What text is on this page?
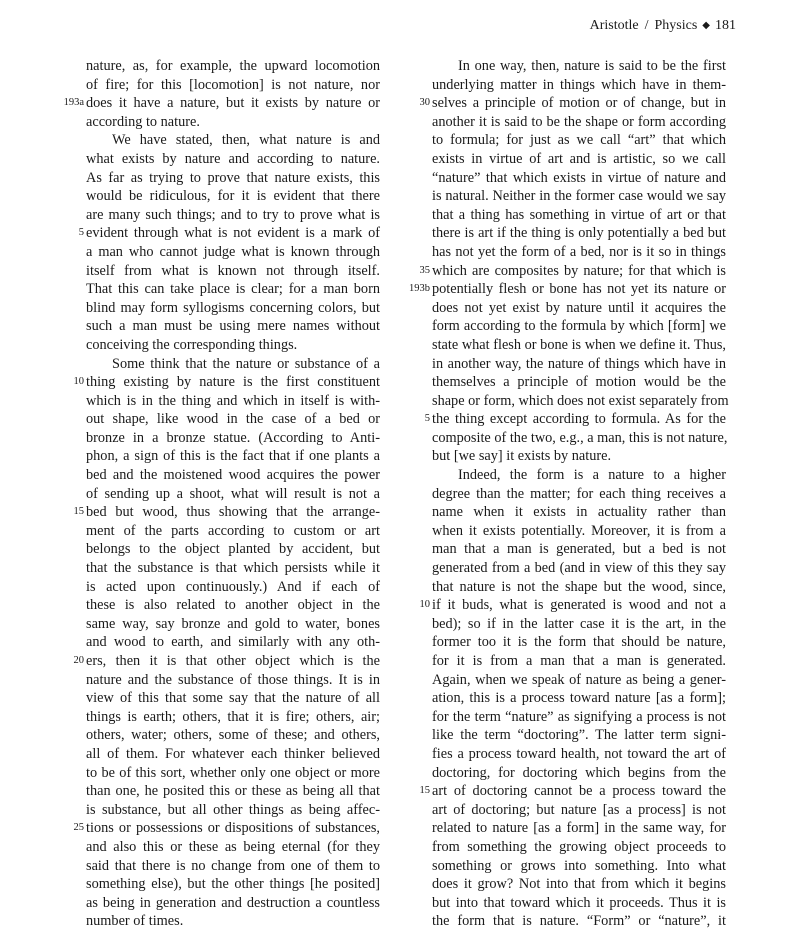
Aristotle / Physics ◆ 181
nature, as, for example, the upward locomotion
of fire; for this [locomotion] is not nature, nor
193a does it have a nature, but it exists by nature or
according to nature.
We have stated, then, what nature is and
what exists by nature and according to nature.
As far as trying to prove that nature exists, this
would be ridiculous, for it is evident that there
are many such things; and to try to prove what is
5 evident through what is not evident is a mark of
a man who cannot judge what is known through
itself from what is known not through itself.
That this can take place is clear; for a man born
blind may form syllogisms concerning colors, but
such a man must be using mere names without
conceiving the corresponding things.
Some think that the nature or substance of a
10 thing existing by nature is the first constituent
which is in the thing and which in itself is with-
out shape, like wood in the case of a bed or
bronze in a bronze statue. (According to Anti-
phon, a sign of this is the fact that if one plants a
bed and the moistened wood acquires the power
of sending up a shoot, what will result is not a
15 bed but wood, thus showing that the arrange-
ment of the parts according to custom or art
belongs to the object planted by accident, but
that the substance is that which persists while it
is acted upon continuously.) And if each of
these is also related to another object in the
same way, say bronze and gold to water, bones
and wood to earth, and similarly with any oth-
20 ers, then it is that other object which is the
nature and the substance of those things. It is in
view of this that some say that the nature of all
things is earth; others, that it is fire; others, air;
others, water; others, some of these; and others,
all of them. For whatever each thinker believed
to be of this sort, whether only one object or more
than one, he posited this or these as being all that
is substance, but all other things as being affec-
25 tions or possessions or dispositions of substances,
and also this or these as being eternal (for they
said that there is no change from one of them to
something else), but the other things [he posited]
as being in generation and destruction a countless
number of times.
In one way, then, nature is said to be the first
underlying matter in things which have in them-
30 selves a principle of motion or of change, but in
another it is said to be the shape or form according
to formula; for just as we call “art” that which
exists in virtue of art and is artistic, so we call
“nature” that which exists in virtue of nature and
is natural. Neither in the former case would we say
that a thing has something in virtue of art or that
there is art if the thing is only potentially a bed but
has not yet the form of a bed, nor is it so in things
35 which are composites by nature; for that which is
193b potentially flesh or bone has not yet its nature or
does not yet exist by nature until it acquires the
form according to the formula by which [form] we
state what flesh or bone is when we define it. Thus,
in another way, the nature of things which have in
themselves a principle of motion would be the
shape or form, which does not exist separately from
5 the thing except according to formula. As for the
composite of the two, e.g., a man, this is not nature,
but [we say] it exists by nature.
Indeed, the form is a nature to a higher
degree than the matter; for each thing receives a
name when it exists in actuality rather than
when it exists potentially. Moreover, it is from a
man that a man is generated, but a bed is not
generated from a bed (and in view of this they say
that nature is not the shape but the wood, since,
10 if it buds, what is generated is wood and not a
bed); so if in the latter case it is the art, in the
former too it is the form that should be nature,
for it is from a man that a man is generated.
Again, when we speak of nature as being a gener-
ation, this is a process toward nature [as a form];
for the term “nature” as signifying a process is not
like the term “doctoring”. The latter term signi-
fies a process toward health, not toward the art of
doctoring, for doctoring which begins from the
15 art of doctoring cannot be a process toward the
art of doctoring; but nature [as a process] is not
related to nature [as a form] in the same way, for
from something the growing object proceeds to
something or grows into something. Into what
does it grow? Not into that from which it begins
but into that toward which it proceeds. Thus it is
the form that is nature. “Form” or “nature”, it
